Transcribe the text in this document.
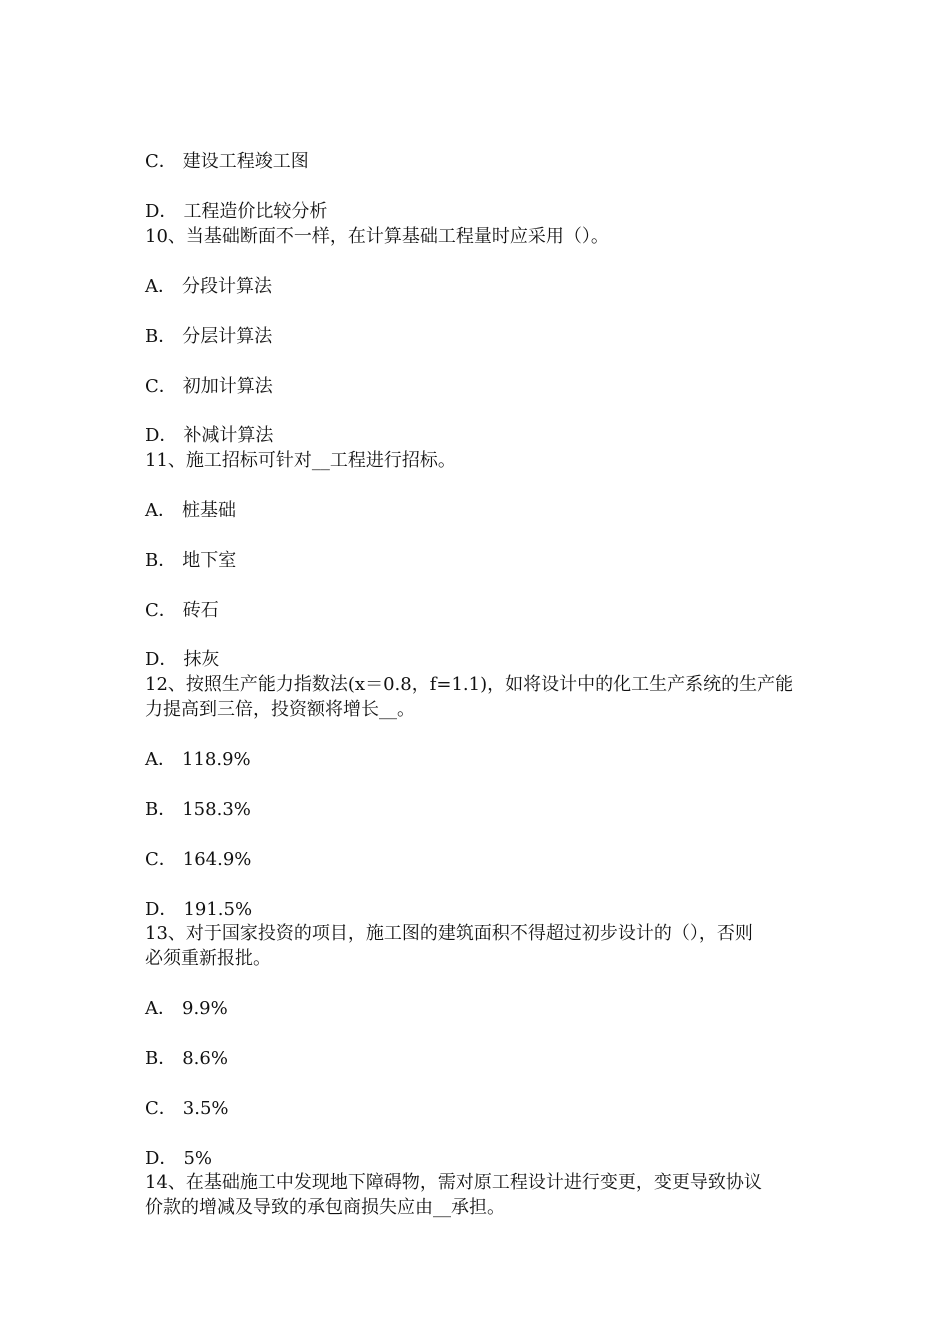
C． 建设工程竣工图
D． 工程造价比较分析
10、当基础断面不一样，在计算基础工程量时应采用（）。
A． 分段计算法
B． 分层计算法
C． 初加计算法
D． 补减计算法
11、施工招标可针对__工程进行招标。
A． 桩基础
B． 地下室
C． 砖石
D． 抹灰
12、按照生产能力指数法(x＝0.8，f=1.1)，如将设计中的化工生产系统的生产能
力提高到三倍，投资额将增长__。
A． 118.9%
B． 158.3%
C． 164.9%
D． 191.5%
13、对于国家投资的项目，施工图的建筑面积不得超过初步设计的（），否则
必须重新报批。
A． 9.9%
B． 8.6%
C． 3.5%
D． 5%
14、在基础施工中发现地下障碍物，需对原工程设计进行变更，变更导致协议
价款的增减及导致的承包商损失应由__承担。
